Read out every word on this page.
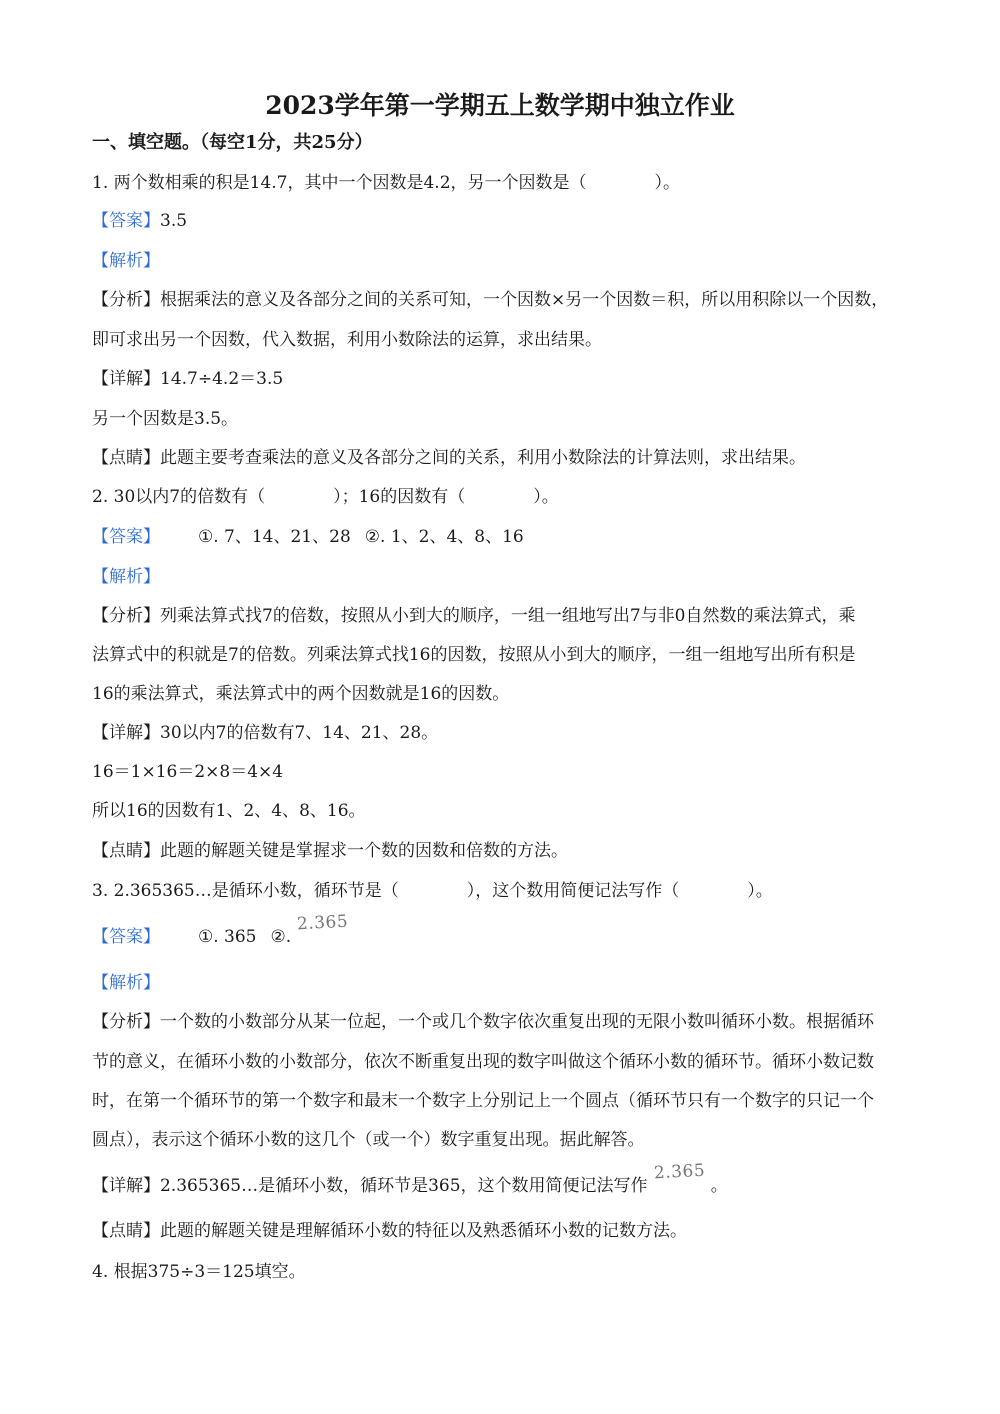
2023学年第一学期五上数学期中独立作业
一、填空题。（每空1分，共25分）
1. 两个数相乘的积是14.7，其中一个因数是4.2，另一个因数是（　　　　）。
【答案】3.5
【解析】
【分析】根据乘法的意义及各部分之间的关系可知，一个因数×另一个因数＝积，所以用积除以一个因数，
即可求出另一个因数，代入数据，利用小数除法的运算，求出结果。
【详解】14.7÷4.2＝3.5
另一个因数是3.5。
【点睛】此题主要考查乘法的意义及各部分之间的关系，利用小数除法的计算法则，求出结果。
2. 30以内7的倍数有（　　　　）；16的因数有（　　　　）。
【答案】 ①. 7、14、21、28 ②. 1、2、4、8、16
【解析】
【分析】列乘法算式找7的倍数，按照从小到大的顺序，一组一组地写出7与非0自然数的乘法算式，乘
法算式中的积就是7的倍数。列乘法算式找16的因数，按照从小到大的顺序，一组一组地写出所有积是
16的乘法算式，乘法算式中的两个因数就是16的因数。
【详解】30以内7的倍数有7、14、21、28。
16＝1×16＝2×8＝4×4
所以16的因数有1、2、4、8、16。
【点睛】此题的解题关键是掌握求一个数的因数和倍数的方法。
3. 2.365365…是循环小数，循环节是（　　　　），这个数用简便记法写作（　　　　）。
【答案】 ①. 365 ②.2.365
【解析】
【分析】一个数的小数部分从某一位起，一个或几个数字依次重复出现的无限小数叫循环小数。根据循环
节的意义，在循环小数的小数部分，依次不断重复出现的数字叫做这个循环小数的循环节。循环小数记数
时，在第一个循环节的第一个数字和最末一个数字上分别记上一个圆点（循环节只有一个数字的只记一个
圆点），表示这个循环小数的这几个（或一个）数字重复出现。据此解答。
【详解】2.365365…是循环小数，循环节是365，这个数用简便记法写作2.365。
【点睛】此题的解题关键是理解循环小数的特征以及熟悉循环小数的记数方法。
4. 根据375÷3＝125填空。
